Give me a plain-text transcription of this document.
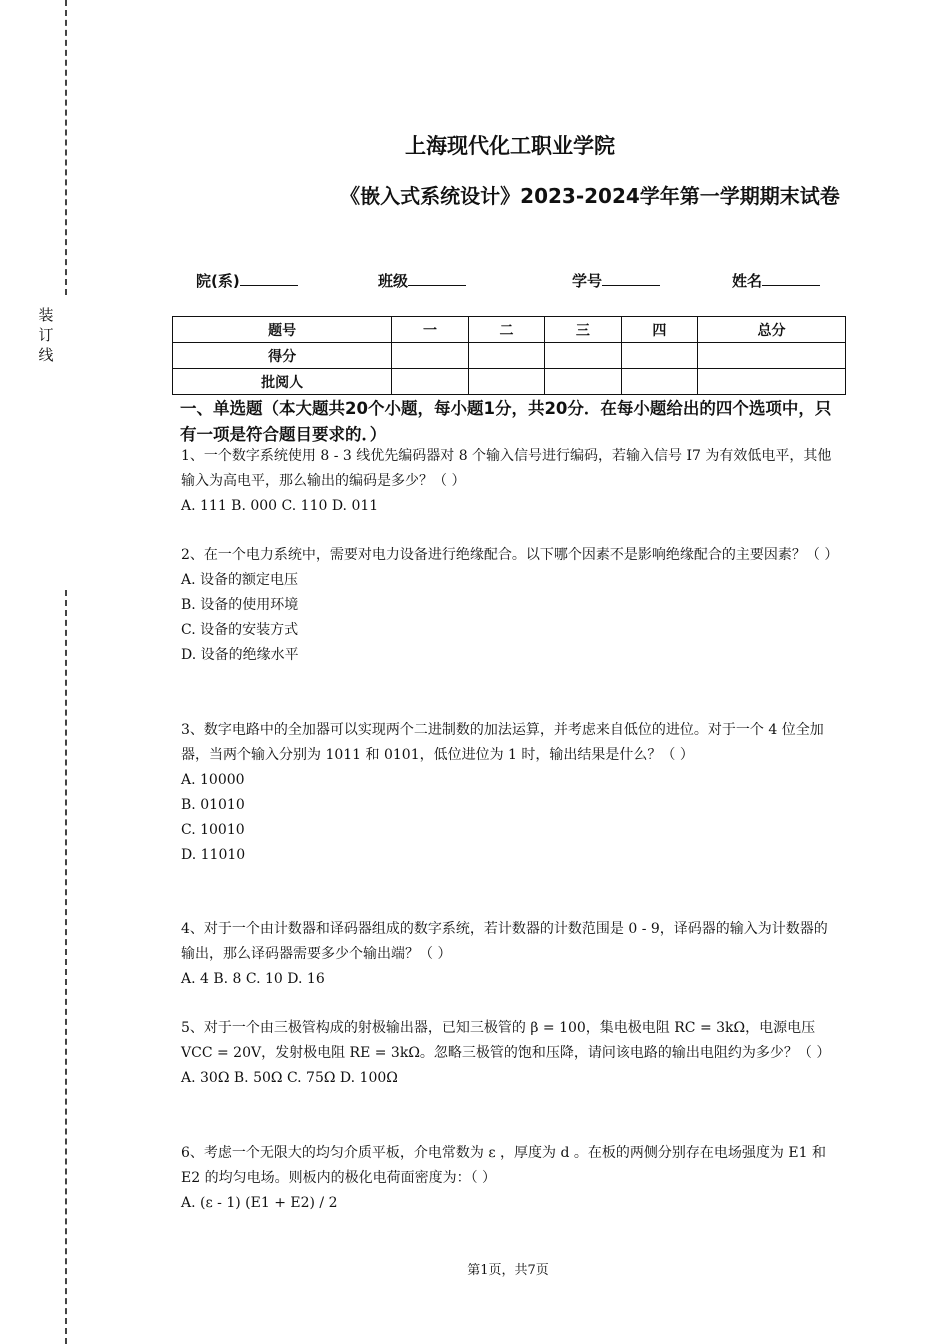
装订线
上海现代化工职业学院
《嵌入式系统设计》2023-2024学年第一学期期末试卷
院(系)	班级	学号	姓名
题号	一	二	三	四	总分
得分					
批阅人					
一、单选题（本大题共20个小题，每小题1分，共20分．在每小题给出的四个选项中，只有一项是符合题目要求的．）

1、一个数字系统使用 8 - 3 线优先编码器对 8 个输入信号进行编码，若输入信号 I7 为有效低电平，其他输入为高电平，那么输出的编码是多少？（ ）

A. 111 B. 000 C. 110 D. 011

2、在一个电力系统中，需要对电力设备进行绝缘配合。以下哪个因素不是影响绝缘配合的主要因素？（ ）

A. 设备的额定电压

B. 设备的使用环境

C. 设备的安装方式

D. 设备的绝缘水平

3、数字电路中的全加器可以实现两个二进制数的加法运算，并考虑来自低位的进位。对于一个 4 位全加器，当两个输入分别为 1011 和 0101，低位进位为 1 时，输出结果是什么？（ ）

A. 10000

B. 01010

C. 10010

D. 11010

4、对于一个由计数器和译码器组成的数字系统，若计数器的计数范围是 0 - 9，译码器的输入为计数器的输出，那么译码器需要多少个输出端？（ ）

A. 4 B. 8 C. 10 D. 16

5、对于一个由三极管构成的射极输出器，已知三极管的 β = 100，集电极电阻 RC = 3kΩ，电源电压 VCC = 20V，发射极电阻 RE = 3kΩ。忽略三极管的饱和压降，请问该电路的输出电阻约为多少？（ ）

A. 30Ω B. 50Ω C. 75Ω D. 100Ω

6、考虑一个无限大的均匀介质平板，介电常数为 ε ，厚度为 d 。在板的两侧分别存在电场强度为 E1 和 E2 的均匀电场。则板内的极化电荷面密度为：（ ）

A. (ε - 1) (E1 + E2) / 2

第1页，共7页
